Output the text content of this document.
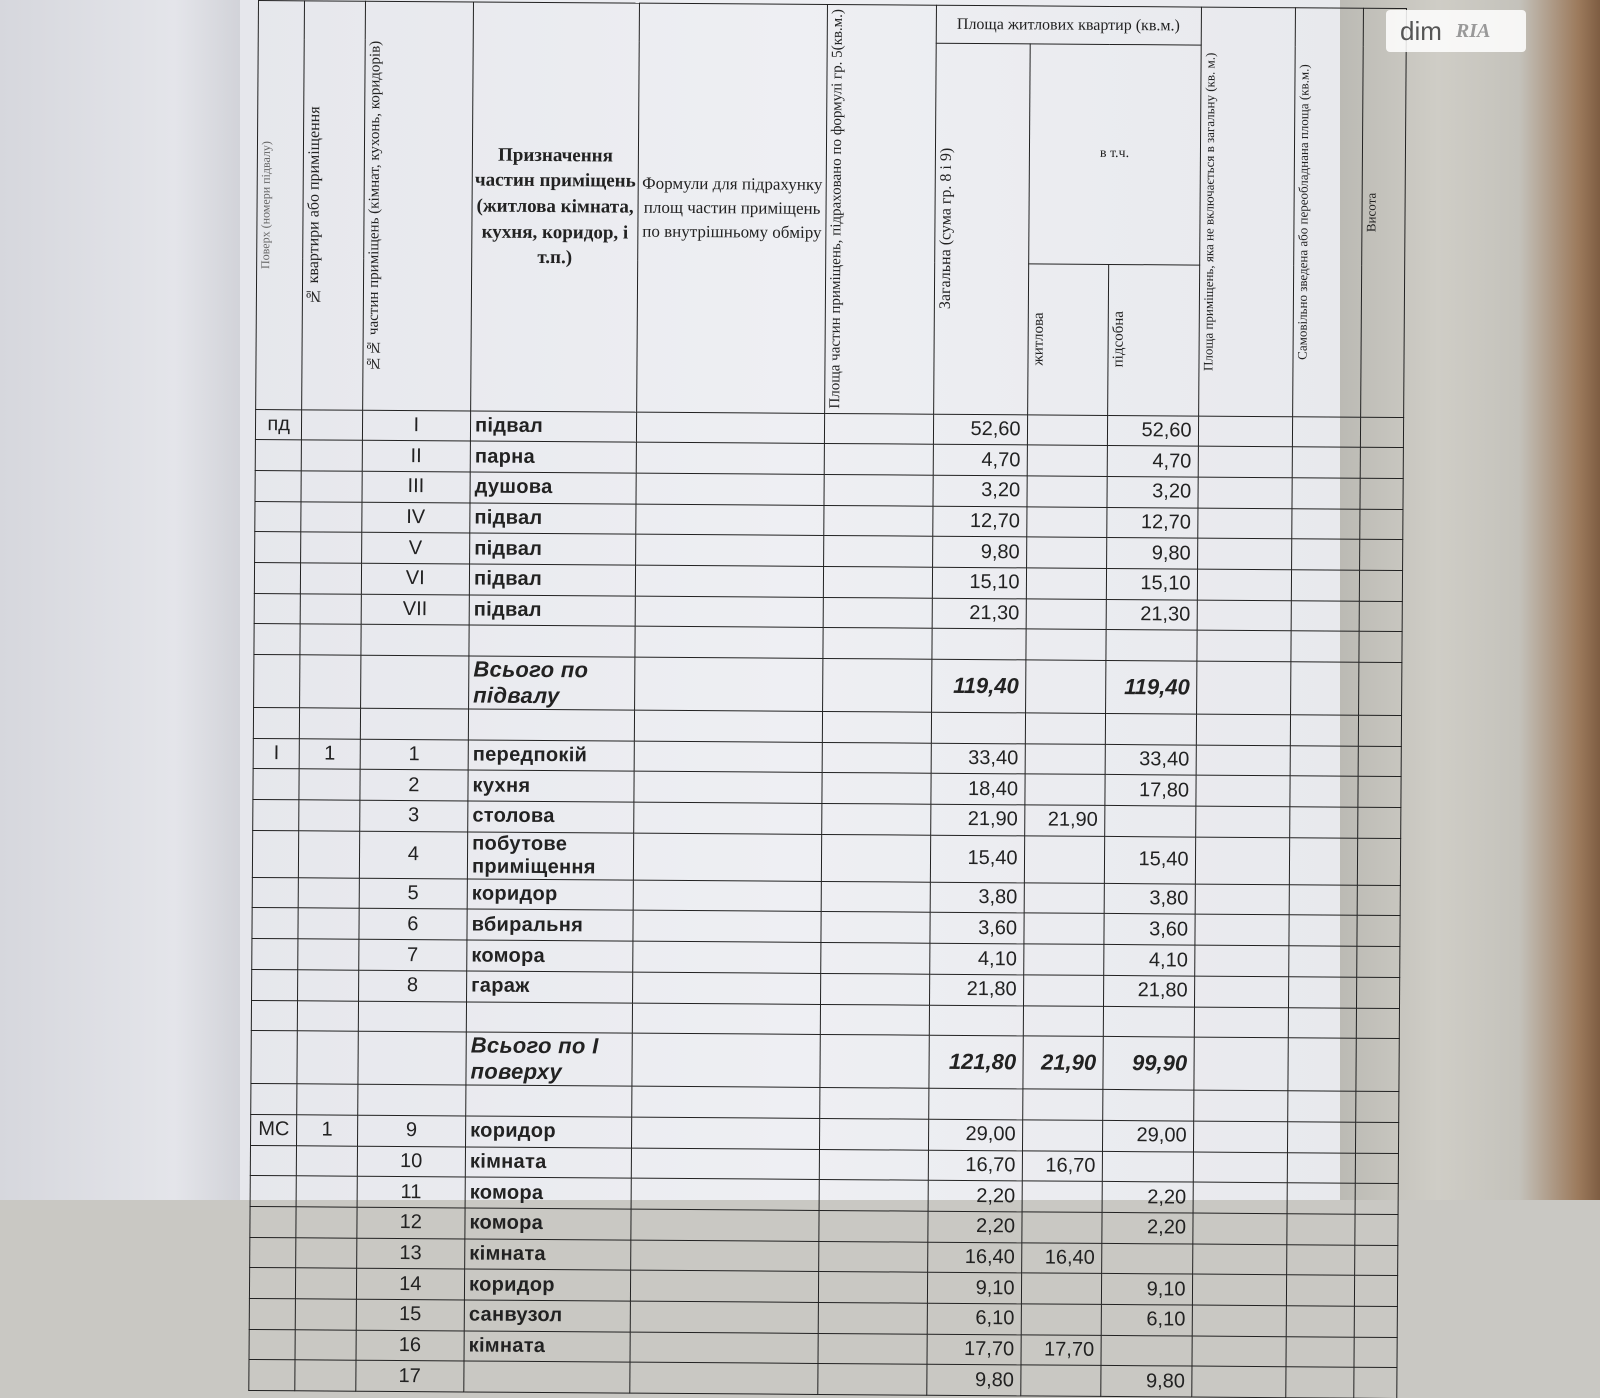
Поверх (номери підвалу)	№ квартири або приміщення	№№ частин приміщень (кімнат, кухонь, коридорів)	Призначення частин приміщень (житлова кімната, кухня, коридор, і т.п.)	Формули для підрахунку площ частин приміщень по внутрішньому обміру	Площа частин приміщень, підраховано по формулі гр. 5(кв.м.)	Площа житлових квартир (кв.м.)			Площа приміщень, яка не включається в загальну (кв. м.)	Самовільно зведена або переобладнана площа (кв.м.)	Висота

						Загальна (сума гр. 8 і 9)	в т.ч.				

							житлова	підсобна			

пд		I	підвал			52,60		52,60			
		II	парна			4,70		4,70			
		III	душова			3,20		3,20			
		IV	підвал			12,70		12,70			
		V	підвал			9,80		9,80			
		VI	підвал			15,10		15,10			
		VII	підвал			21,30		21,30			

			Всього по підвалу			119,40		119,40			

I	1	1	передпокій			33,40		33,40			
		2	кухня			18,40		17,80			
		3	столова			21,90	21,90				
		4	побутове приміщення			15,40		15,40			
		5	коридор			3,80		3,80			
		6	вбиральня			3,60		3,60			
		7	комора			4,10		4,10			
		8	гараж			21,80		21,80			

			Всього по I поверху			121,80	21,90	99,90			

МС	1	9	коридор			29,00		29,00			
		10	кімната			16,70	16,70				
		11	комора			2,20		2,20			
		12	комора			2,20		2,20			
		13	кімната			16,40	16,40				
		14	коридор			9,10		9,10			
		15	санвузол			6,10		6,10			
		16	кімната			17,70	17,70				
		17				9,80		9,80			
dim RIA
